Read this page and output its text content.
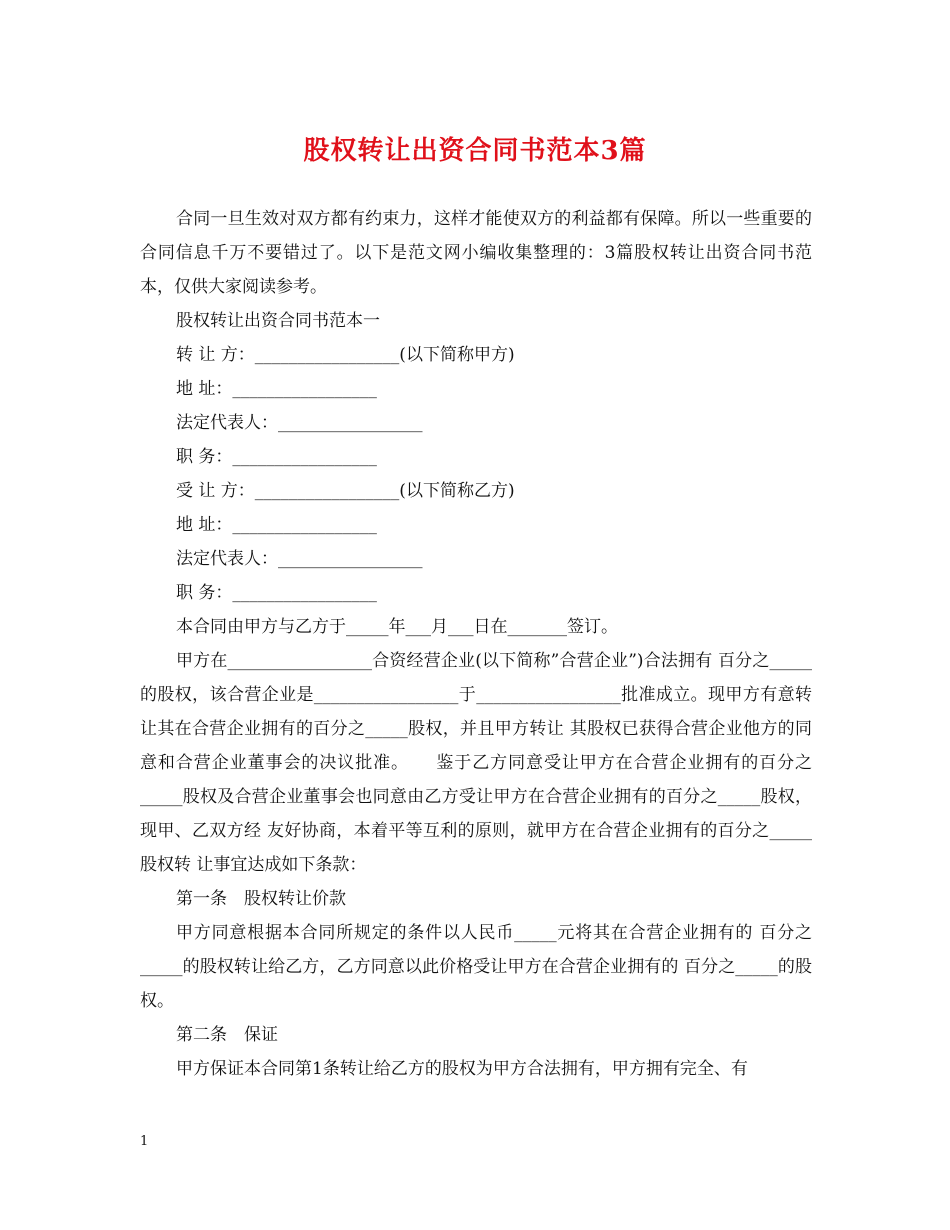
股权转让出资合同书范本3篇

合同一旦生效对双方都有约束力，这样才能使双方的利益都有保障。所以一些重要的合同信息千万不要错过了。以下是范文网小编收集整理的：3篇股权转让出资合同书范本，仅供大家阅读参考。

股权转让出资合同书范本一

转 让 方：_________________(以下简称甲方)

地 址：_________________

法定代表人：_________________

职 务：_________________

受 让 方：_________________(以下简称乙方)

地 址：_________________

法定代表人：_________________

职 务：_________________

本合同由甲方与乙方于_____年___月___日在_______签订。

甲方在_________________合资经营企业(以下简称”合营企业”)合法拥有 百分之_____的股权，该合营企业是_________________于_________________批准成立。现甲方有意转让其在合营企业拥有的百分之_____股权，并且甲方转让 其股权已获得合营企业他方的同意和合营企业董事会的决议批准。　　鉴于乙方同意受让甲方在合营企业拥有的百分之_____股权及合营企业董事会也同意由乙方受让甲方在合营企业拥有的百分之_____股权，现甲、乙双方经 友好协商，本着平等互利的原则，就甲方在合营企业拥有的百分之_____股权转 让事宜达成如下条款：

第一条　股权转让价款

甲方同意根据本合同所规定的条件以人民币_____元将其在合营企业拥有的 百分之_____的股权转让给乙方，乙方同意以此价格受让甲方在合营企业拥有的 百分之_____的股权。

第二条　保证

甲方保证本合同第1条转让给乙方的股权为甲方合法拥有，甲方拥有完全、有

1
